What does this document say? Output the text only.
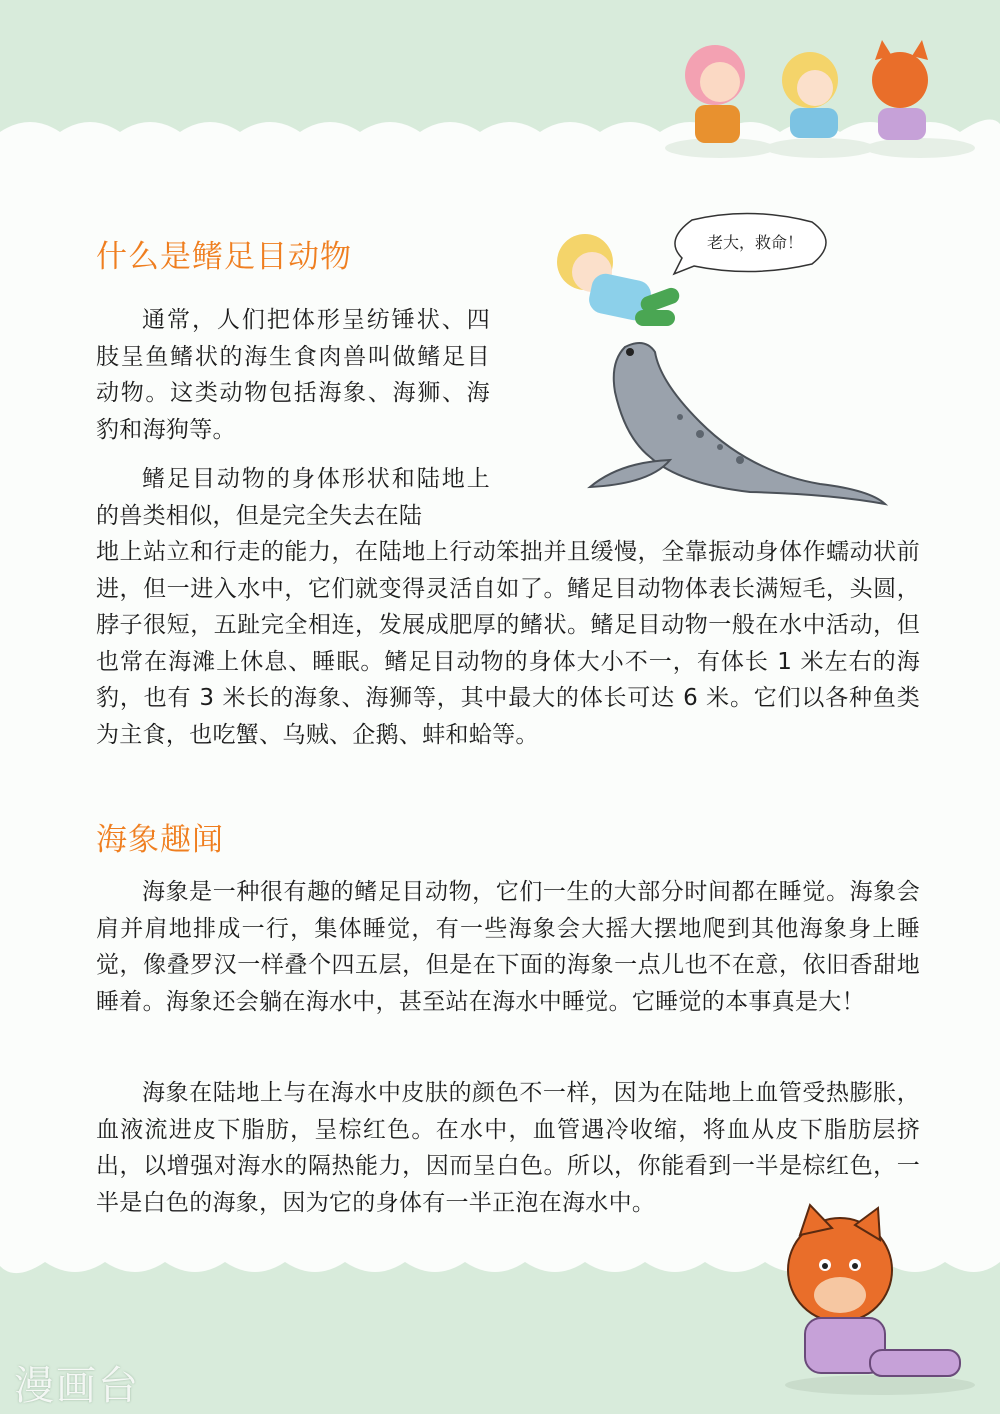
老大，救命！
什么是鳍足目动物

通常，人们把体形呈纺锤状、四肢呈鱼鳍状的海生食肉兽叫做鳍足目动物。这类动物包括海象、海狮、海豹和海狗等。

鳍足目动物的身体形状和陆地上的兽类相似，但是完全失去在陆

地上站立和行走的能力，在陆地上行动笨拙并且缓慢，全靠振动身体作蠕动状前进，但一进入水中，它们就变得灵活自如了。鳍足目动物体表长满短毛，头圆，脖子很短，五趾完全相连，发展成肥厚的鳍状。鳍足目动物一般在水中活动，但也常在海滩上休息、睡眠。鳍足目动物的身体大小不一，有体长 1 米左右的海豹，也有 3 米长的海象、海狮等，其中最大的体长可达 6 米。它们以各种鱼类为主食，也吃蟹、乌贼、企鹅、蚌和蛤等。

海象趣闻

海象是一种很有趣的鳍足目动物，它们一生的大部分时间都在睡觉。海象会肩并肩地排成一行，集体睡觉，有一些海象会大摇大摆地爬到其他海象身上睡觉，像叠罗汉一样叠个四五层，但是在下面的海象一点儿也不在意，依旧香甜地睡着。海象还会躺在海水中，甚至站在海水中睡觉。它睡觉的本事真是大！

海象在陆地上与在海水中皮肤的颜色不一样，因为在陆地上血管受热膨胀，血液流进皮下脂肪，呈棕红色。在水中，血管遇冷收缩，将血从皮下脂肪层挤出，以增强对海水的隔热能力，因而呈白色。所以，你能看到一半是棕红色，一半是白色的海象，因为它的身体有一半正泡在海水中。

漫画台
